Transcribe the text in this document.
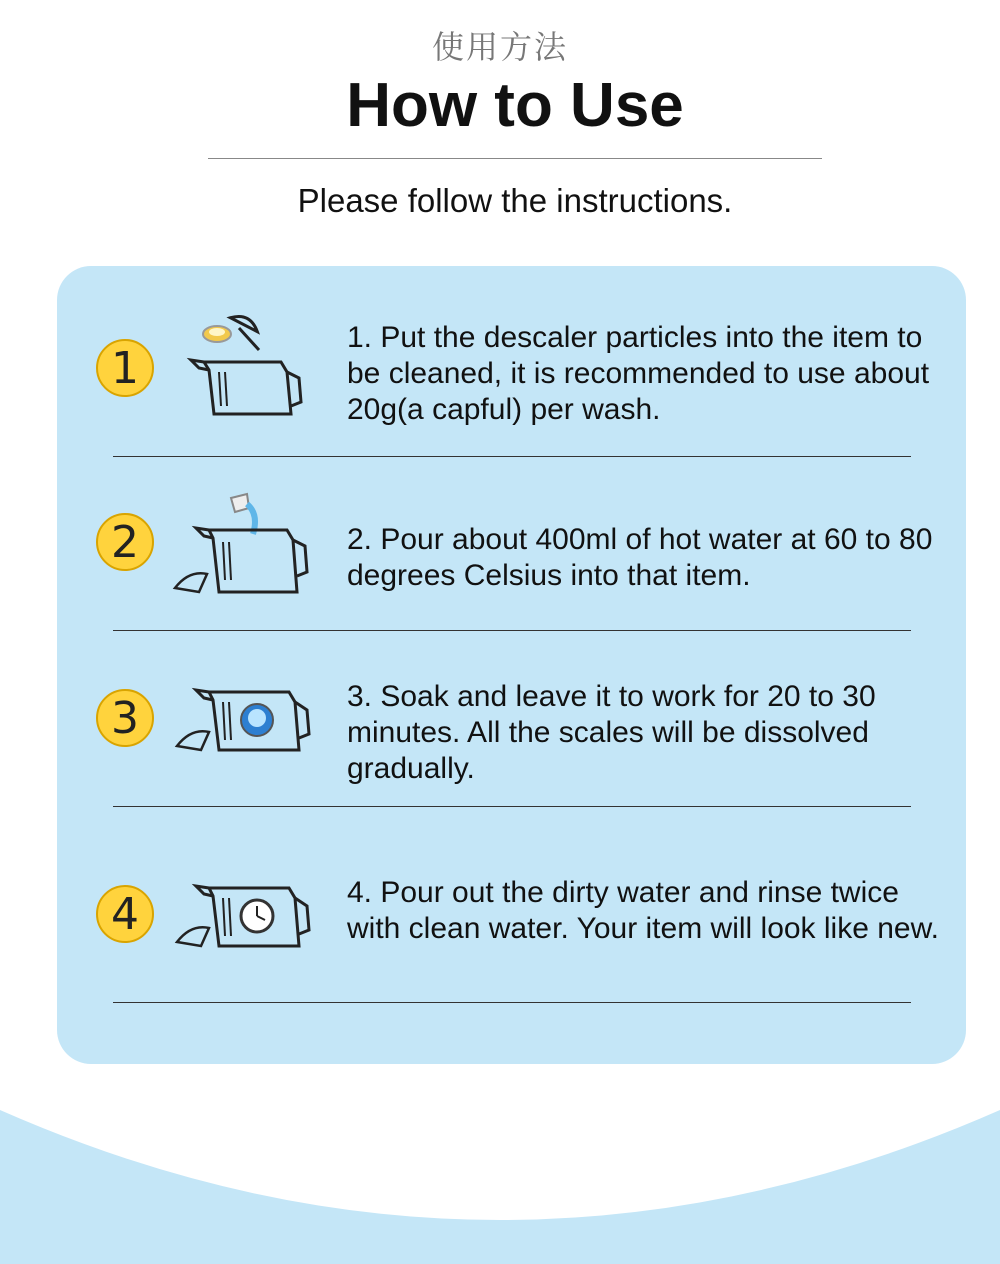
使用方法
How to Use
Please follow the instructions.
1
1. Put the descaler particles into the item to be cleaned, it is recommended to use about 20g(a capful) per wash.
2	2. Pour about 400ml of hot water at 60 to 80 degrees Celsius into that item.
3	3. Soak and leave it to work for 20 to 30 minutes. All the scales will be dissolved gradually.
4	4. Pour out the dirty water and rinse twice with clean water. Your item will look like new.
